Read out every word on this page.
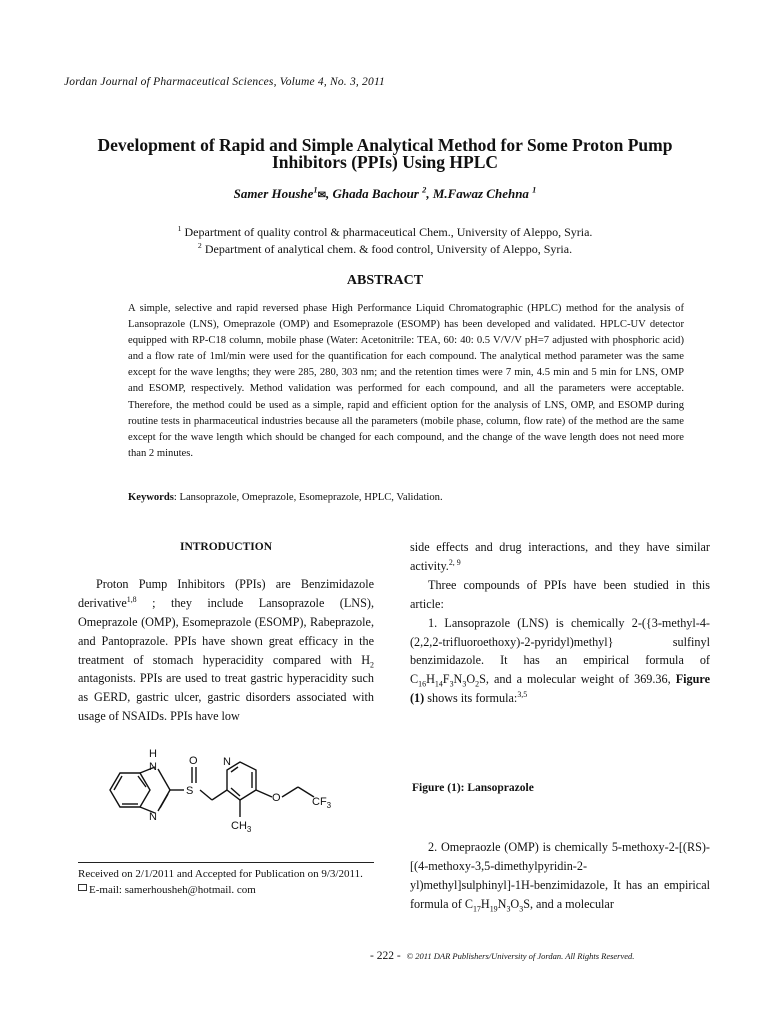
Jordan Journal of Pharmaceutical Sciences, Volume 4, No. 3, 2011
Development of Rapid and Simple Analytical Method for Some Proton Pump Inhibitors (PPIs) Using HPLC
Samer Houshe$^1$✉, Ghada Bachour $^2$, M.Fawaz Chehna $^1$
$^1$ Department of quality control & pharmaceutical Chem., University of Aleppo, Syria.
$^2$ Department of analytical chem. & food control, University of Aleppo, Syria.
ABSTRACT
A simple, selective and rapid reversed phase High Performance Liquid Chromatographic (HPLC) method for the analysis of Lansoprazole (LNS), Omeprazole (OMP) and Esomeprazole (ESOMP) has been developed and validated. HPLC-UV detector equipped with RP-C18 column, mobile phase (Water: Acetonitrile: TEA, 60: 40: 0.5 V/V/V pH=7 adjusted with phosphoric acid) and a flow rate of 1ml/min were used for the quantification for each compound. The analytical method parameter was the same except for the wave lengths; they were 285, 280, 303 nm; and the retention times were 7 min, 4.5 min and 5 min for LNS, OMP and ESOMP, respectively. Method validation was performed for each compound, and all the parameters were acceptable. Therefore, the method could be used as a simple, rapid and efficient option for the analysis of LNS, OMP, and ESOMP during routine tests in pharmaceutical industries because all the parameters (mobile phase, column, flow rate) of the method are the same except for the wave length which should be changed for each compound, and the change of the wave length does not need more than 2 minutes.
Keywords: Lansoprazole, Omeprazole, Esomeprazole, HPLC, Validation.
INTRODUCTION

Proton Pump Inhibitors (PPIs) are Benzimidazole derivative$^{1,8}$ ; they include Lansoprazole (LNS), Omeprazole (OMP), Esomeprazole (ESOMP), Rabeprazole, and Pantoprazole. PPIs have shown great efficacy in the treatment of stomach hyperacidity compared with $H_2$ antagonists. PPIs are used to treat gastric hyperacidity such as GERD, gastric ulcer, gastric disorders associated with usage of NSAIDs. PPIs have low

H
N
N
S
O N
O	$CF_3$
$CH_3$

side effects and drug interactions, and they have similar activity.$^{2, 9}$

Three compounds of PPIs have been studied in this article:

1. Lansoprazole (LNS) is chemically 2-({3-methyl-4-(2,2,2-trifluoroethoxy)-2-pyridyl)methyl} sulfinyl benzimidazole. It has an empirical formula of $C_{16}H_{14}F_3N_3O_2S$, and a molecular weight of 369.36, Figure (1) shows its formula:$^{3,5}$

Figure (1): Lansoprazole

2. Omepraozle (OMP) is chemically 5-methoxy-2-[(RS)-[(4-methoxy-3,5-dimethylpyridin-2-yl)methyl]sulphinyl]-1H-benzimidazole, It has an empirical formula of $C_{17}H_{19}N_3O_3S$, and a molecular

Received on 2/1/2011 and Accepted for Publication on 9/3/2011.
E-mail: samerhousheh@hotmail. com
- 222 - © 2011 DAR Publishers/University of Jordan. All Rights Reserved.
